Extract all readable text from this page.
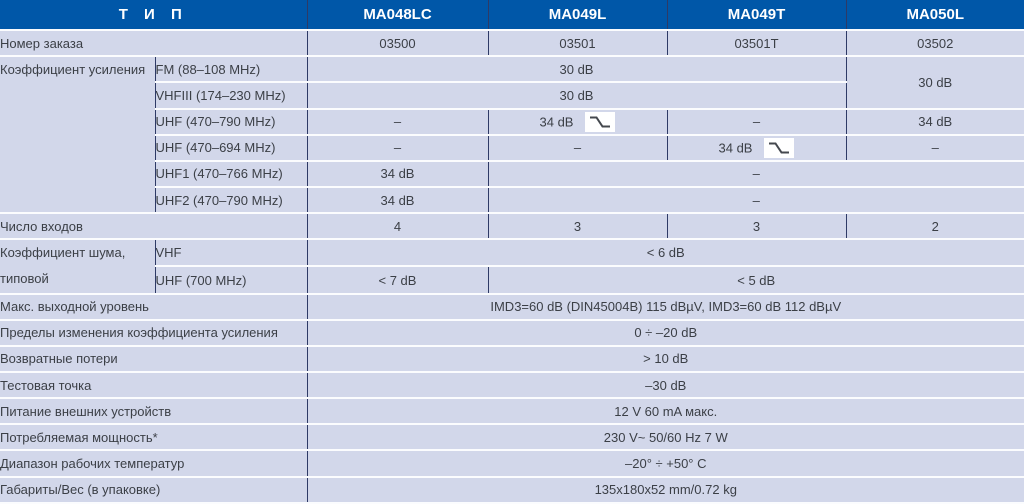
Т И П		MA048LC	MA049L	MA049T	MA050L
Номер заказа		03500	03501	03501T	03502
Коэффициент усиления	FM (88–108 MHz)	30 dB			30 dB
	VHFIII (174–230 MHz)	30 dB			
	UHF (470–790 MHz)	–	34 dB	–	34 dB
	UHF (470–694 MHz)	–	–	34 dB	–
	UHF1 (470–766 MHz)	34 dB	–		
	UHF2 (470–790 MHz)	34 dB	–		
Число входов		4	3	3	2
Коэффициент шума,
типовой	VHF	< 6 dB			
	UHF (700 MHz)	< 7 dB	< 5 dB		
Макс. выходной уровень		IMD3=60 dB (DIN45004B) 115 dBµV, IMD3=60 dB 112 dBµV			
Пределы изменения коэффициента усиления		0 ÷ –20 dB			
Возвратные потери		> 10 dB			
Тестовая точка		–30 dB			
Питание внешних устройств		12 V 60 mA макс.			
Потребляемая мощность*		230 V~ 50/60 Hz 7 W			
Диапазон рабочих температур		–20° ÷ +50° C			
Габариты/Вес (в упаковке)		135x180x52 mm/0.72 kg			
